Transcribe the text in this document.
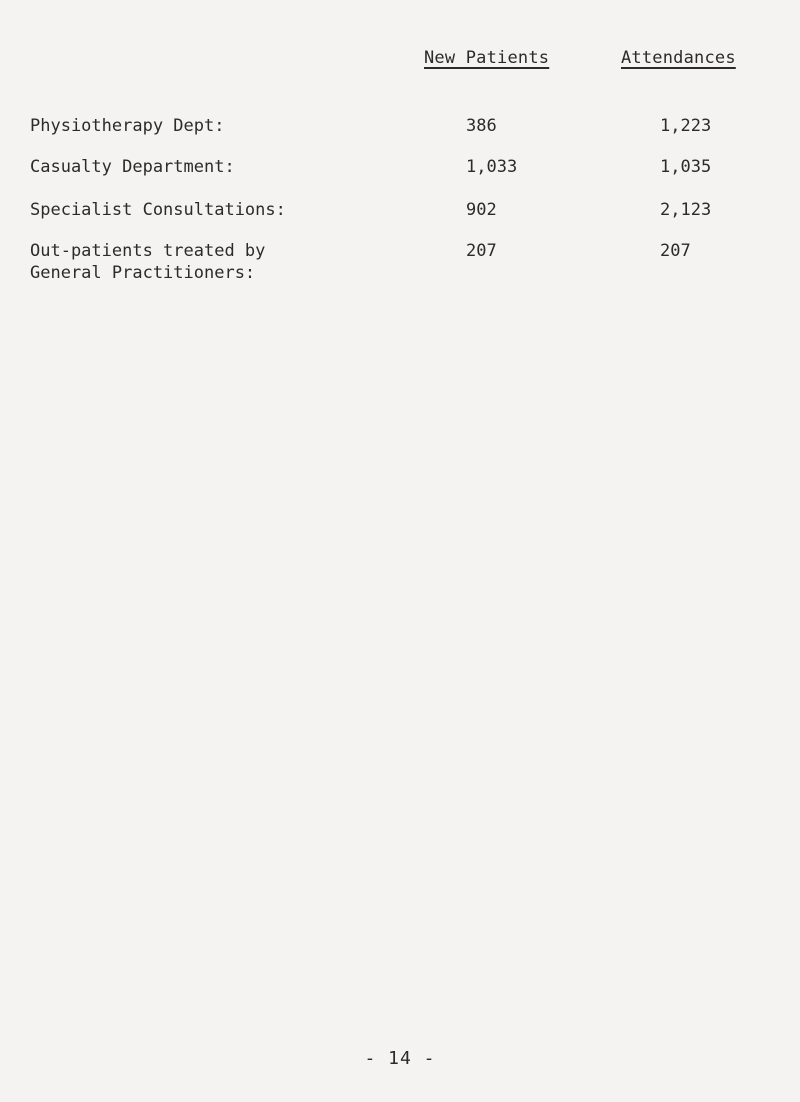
New Patients	Attendances
Physiotherapy Dept:	386	1,223
Casualty Department:	1,033	1,035
Specialist Consultations:	902	2,123
Out-patients treated by
General Practitioners:
207	207
- 14 -
